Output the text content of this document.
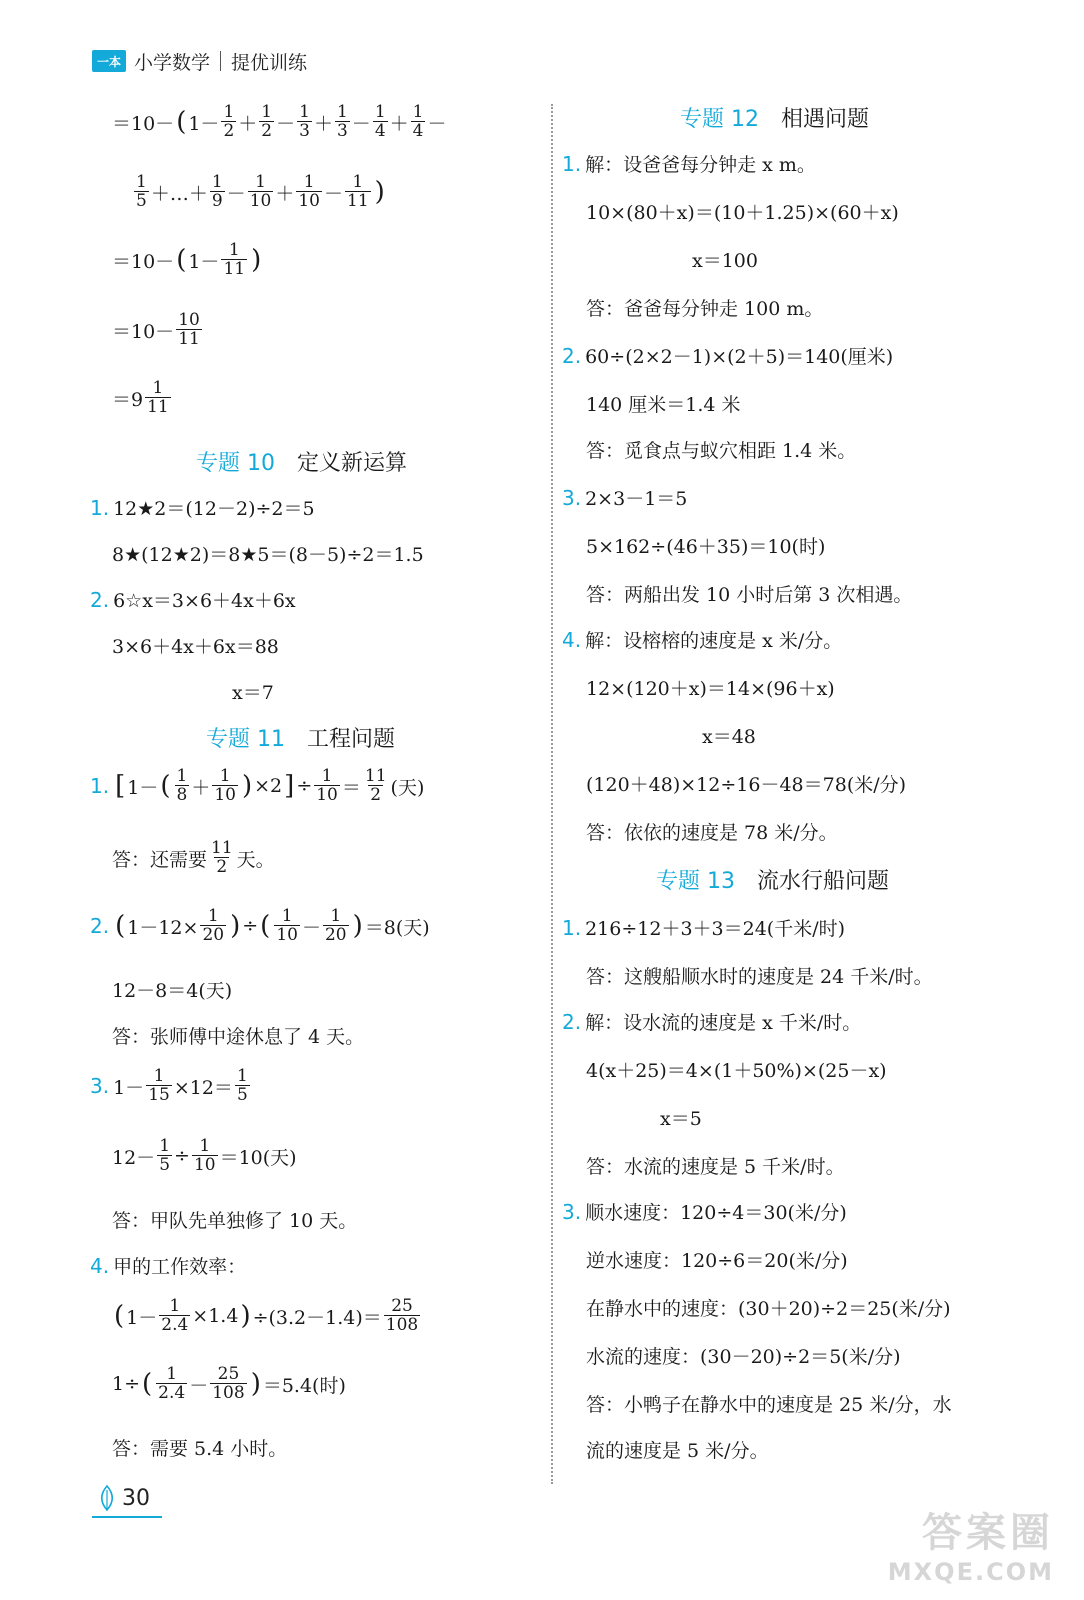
一本 小学数学 提优训练
＝10－ ( $1- \frac{1}{2} + \frac{1}{2} - \frac{1}{3} + \frac{1}{3} - \frac{1}{4} + \frac{1}{4}$ －
$\frac{1}{5}$ ＋…＋ $\frac{1}{9} - \frac{1}{10} + \frac{1}{10} - \frac{1}{11}$ )
＝10－ ( $1- \frac{1}{11}$ )
$=10- \frac{10}{11}$
$=9 \frac{1}{11}$
专题 10 定义新运算
1. 12★2＝(12－2)÷2＝5
8★(12★2)＝8★5＝(8－5)÷2＝1.5
2. 6☆x＝3×6＋4x＋6x
3×6＋4x＋6x＝88
x＝7
专题 11 工程问题
1. [ 1－ ( $\frac{1}{8} + \frac{1}{10}$ ) ×2 ] ÷ $\frac{1}{10} = \frac{11}{2}$ (天)
答：还需要 $\frac{11}{2}$ 天。
2. ( $1-12\times \frac{1}{20}$ ) ÷ ( $\frac{1}{10} - \frac{1}{20}$ ) ＝8(天)
12－8＝4(天)
答：张师傅中途休息了 4 天。
3. $1- \frac{1}{15} \times 12= \frac{1}{5}$
$12- \frac{1}{5} \div \frac{1}{10} =10$(天)
答：甲队先单独修了 10 天。
4. 甲的工作效率：
( $1- \frac{1}{2.4} \times 1.4$ ) $\div(3.2-1.4)= \frac{25}{108}$
1÷ ( $\frac{1}{2.4} - \frac{25}{108}$ ) ＝5.4(时)
答：需要 5.4 小时。
专题 12 相遇问题
1. 解：设爸爸每分钟走 x m。
10×(80＋x)＝(10＋1.25)×(60＋x)
x＝100
答：爸爸每分钟走 100 m。
2. 60÷(2×2－1)×(2＋5)＝140(厘米)
140 厘米＝1.4 米
答：觅食点与蚁穴相距 1.4 米。
3. 2×3－1＝5
5×162÷(46＋35)＝10(时)
答：两船出发 10 小时后第 3 次相遇。
4. 解：设榕榕的速度是 x 米/分。
12×(120＋x)＝14×(96＋x)
x＝48
(120＋48)×12÷16－48＝78(米/分)
答：依依的速度是 78 米/分。
专题 13 流水行船问题
1. 216÷12＋3＋3＝24(千米/时)
答：这艘船顺水时的速度是 24 千米/时。
2. 解：设水流的速度是 x 千米/时。
4(x＋25)＝4×(1＋50%)×(25－x)
x＝5
答：水流的速度是 5 千米/时。
3. 顺水速度：120÷4＝30(米/分)
逆水速度：120÷6＝20(米/分)
在静水中的速度：(30＋20)÷2＝25(米/分)
水流的速度：(30－20)÷2＝5(米/分)
答：小鸭子在静水中的速度是 25 米/分，水
流的速度是 5 米/分。
30
答案圈
MXQE.COM
